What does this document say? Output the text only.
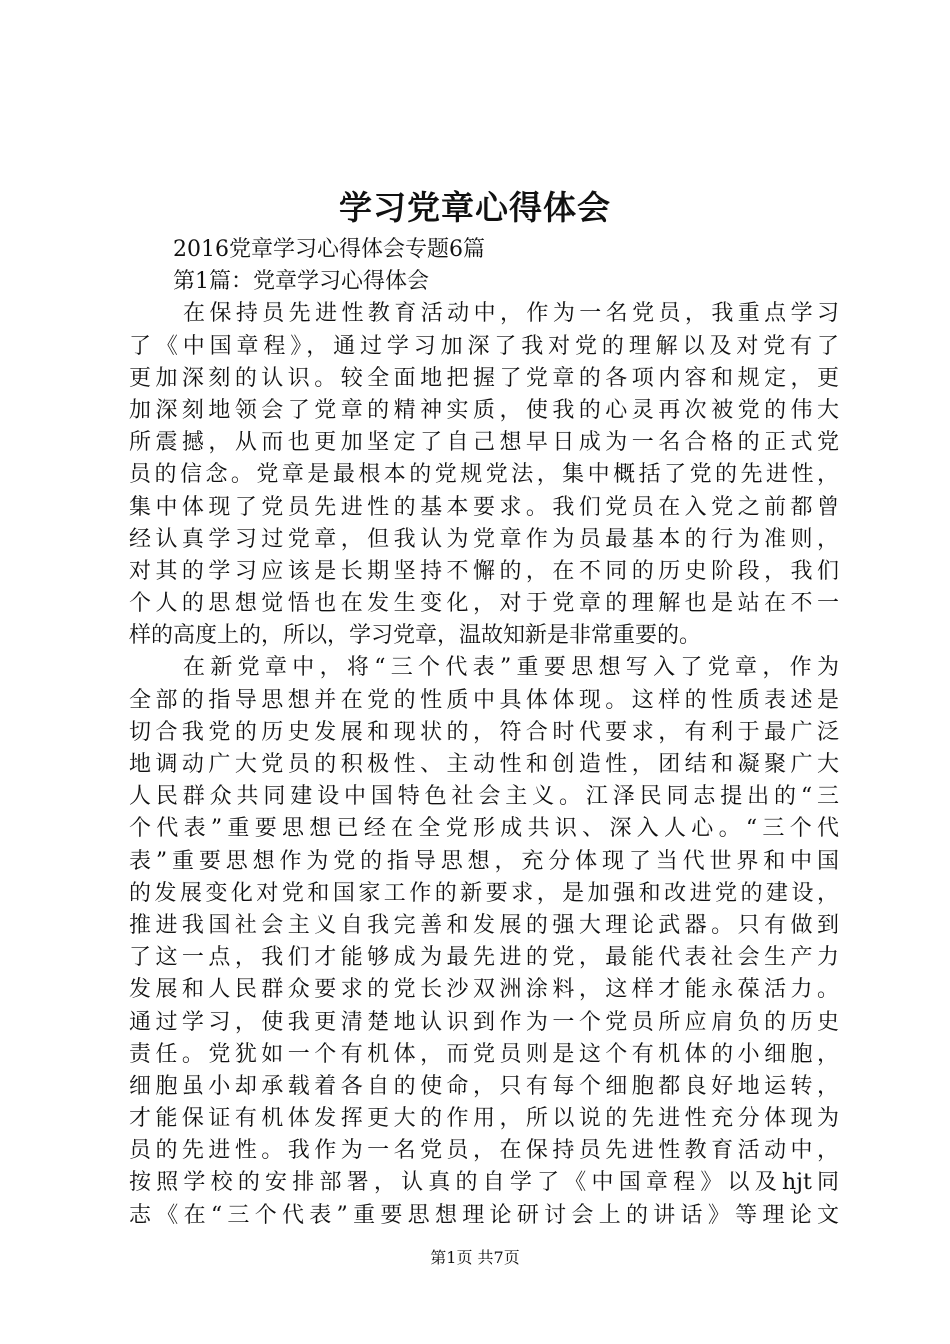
学习党章心得体会

2016党章学习心得体会专题6篇

第1篇：党章学习心得体会

在保持员先进性教育活动中，作为一名党员，我重点学习

了《中国章程》，通过学习加深了我对党的理解以及对党有了

更加深刻的认识。较全面地把握了党章的各项内容和规定，更

加深刻地领会了党章的精神实质，使我的心灵再次被党的伟大

所震撼，从而也更加坚定了自己想早日成为一名合格的正式党

员的信念。党章是最根本的党规党法，集中概括了党的先进性，

集中体现了党员先进性的基本要求。我们党员在入党之前都曾

经认真学习过党章，但我认为党章作为员最基本的行为准则，

对其的学习应该是长期坚持不懈的，在不同的历史阶段，我们

个人的思想觉悟也在发生变化，对于党章的理解也是站在不一

样的高度上的，所以，学习党章，温故知新是非常重要的。

在新党章中，将“三个代表”重要思想写入了党章，作为

全部的指导思想并在党的性质中具体体现。这样的性质表述是

切合我党的历史发展和现状的，符合时代要求，有利于最广泛

地调动广大党员的积极性、主动性和创造性，团结和凝聚广大

人民群众共同建设中国特色社会主义。江泽民同志提出的“三

个代表”重要思想已经在全党形成共识、深入人心。“三个代

表”重要思想作为党的指导思想，充分体现了当代世界和中国

的发展变化对党和国家工作的新要求，是加强和改进党的建设，

推进我国社会主义自我完善和发展的强大理论武器。只有做到

了这一点，我们才能够成为最先进的党，最能代表社会生产力

发展和人民群众要求的党长沙双洲涂料，这样才能永葆活力。

通过学习，使我更清楚地认识到作为一个党员所应肩负的历史

责任。党犹如一个有机体，而党员则是这个有机体的小细胞，

细胞虽小却承载着各自的使命，只有每个细胞都良好地运转，

才能保证有机体发挥更大的作用，所以说的先进性充分体现为

员的先进性。我作为一名党员，在保持员先进性教育活动中，

按照学校的安排部署，认真的自学了《中国章程》以及hjt同

志《在“三个代表”重要思想理论研讨会上的讲话》等理论文

第1页 共7页
